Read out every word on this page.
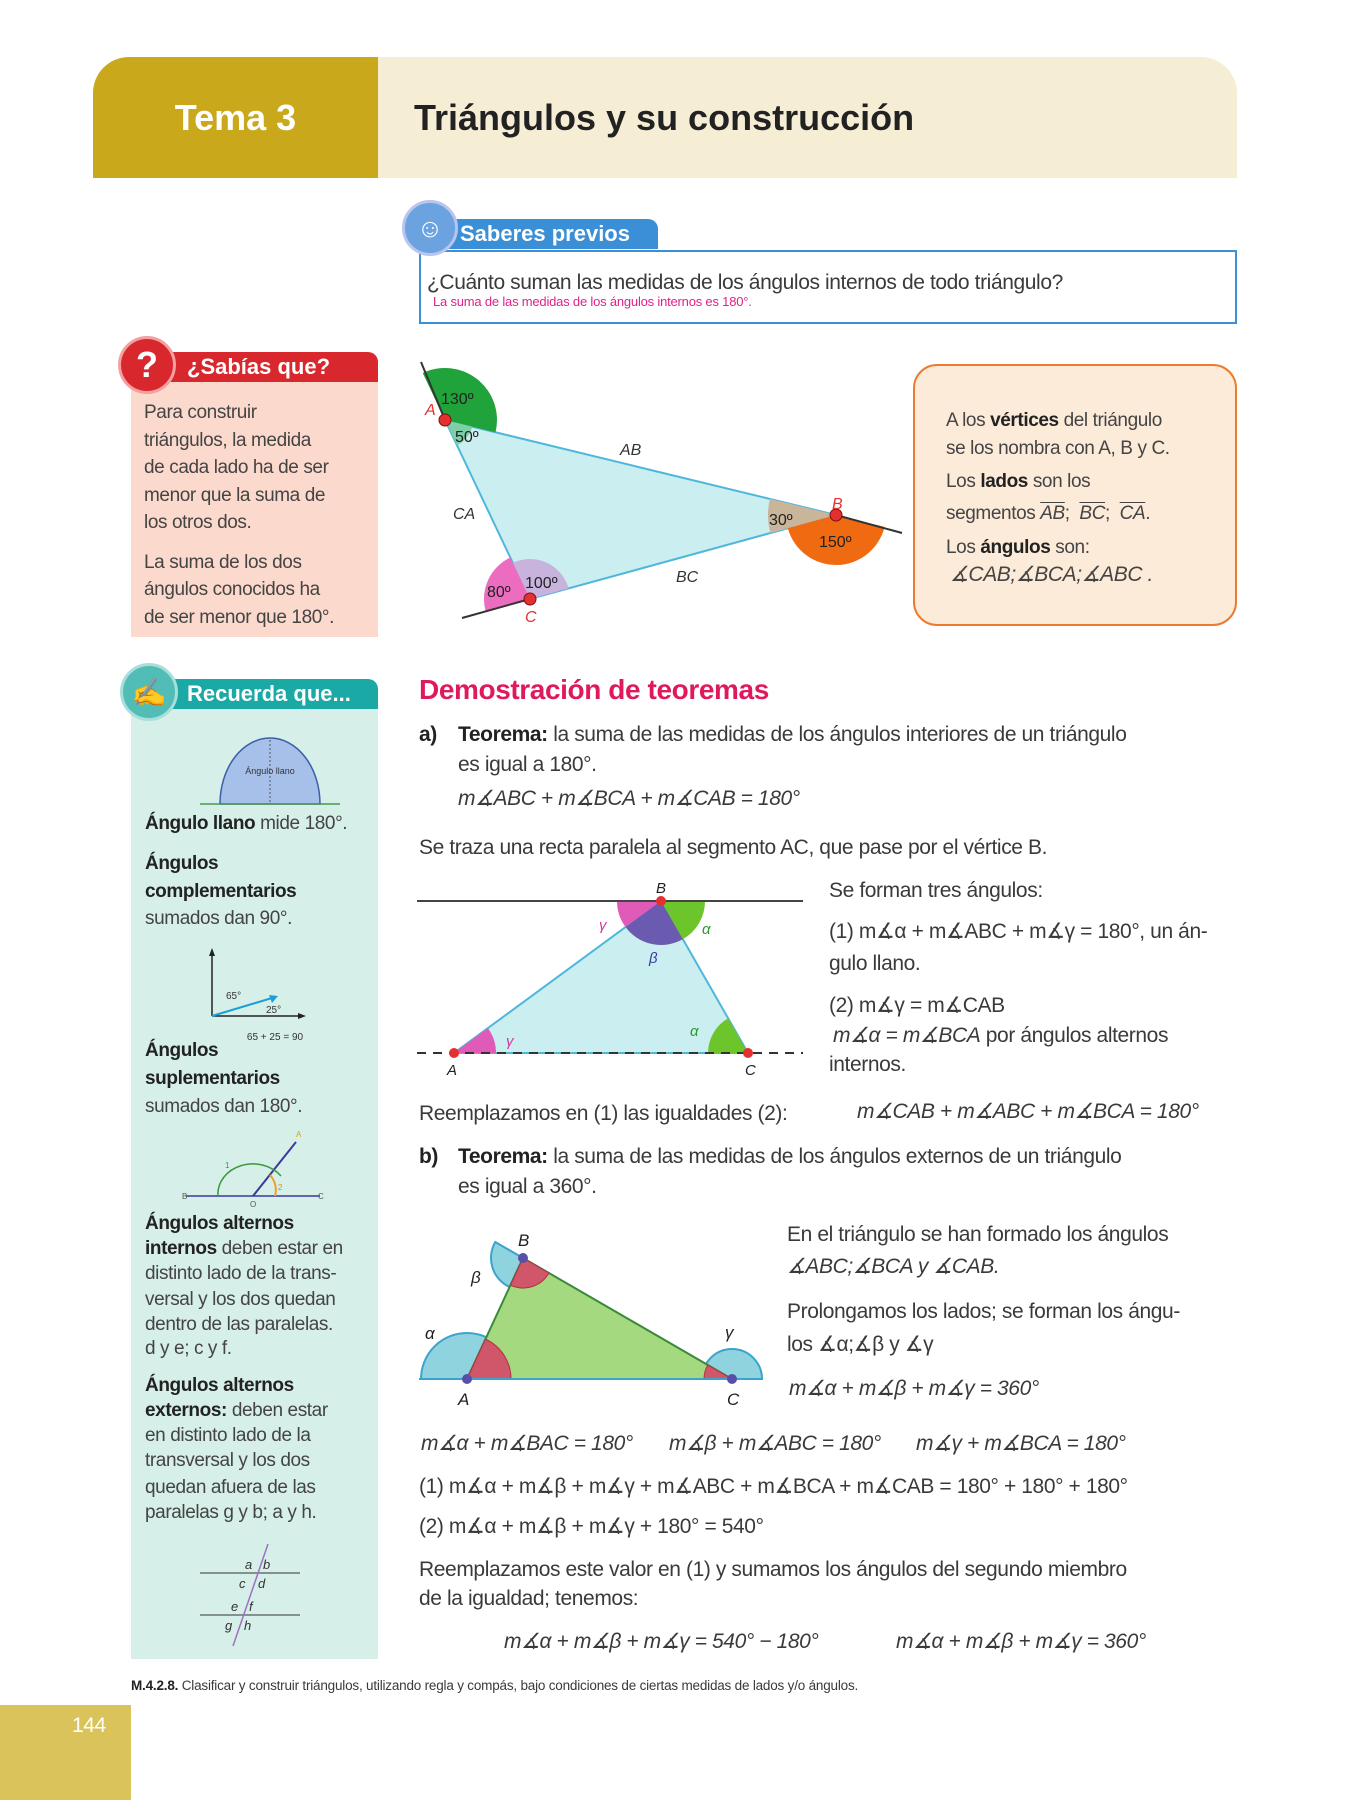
Tema 3	Triángulos y su construcción
Saberes previos
☺
¿Cuánto suman las medidas de los ángulos internos de todo triángulo?
La suma de las medidas de los ángulos internos es 180°.
¿Sabías que?
?
Para construir
triángulos, la medida
de cada lado ha de ser
menor que la suma de
los otros dos.
La suma de los dos
ángulos conocidos ha
de ser menor que 180°.
A los vértices del triángulo
se los nombra con A, B y C.
Los lados son los
segmentos $\overline{AB}$;  $\overline{BC}$;  $\overline{CA}$.
Los ángulos son:
∡CAB;∡BCA;∡ABC .
Recuerda que...
✍
Ángulo llano mide 180°.
Ángulos
complementarios
sumados dan 90°.
Ángulos
suplementarios
sumados dan 180°.
Ángulos alternos
internos deben estar en
distinto lado de la trans-
versal y los dos quedan
dentro de las paralelas.
d y e; c y f.
Ángulos alternos
externos: deben estar
en distinto lado de la
transversal y los dos
quedan afuera de las
paralelas g y b; a y h.
Demostración de teoremas
a) Teorema: la suma de las medidas de los ángulos interiores de un triángulo
es igual a 180°.
m∡ABC + m∡BCA + m∡CAB = 180°
Se traza una recta paralela al segmento AC, que pase por el vértice B.
Se forman tres ángulos:
(1) m∡α + m∡ABC + m∡γ = 180°, un án-
gulo llano.
(2) m∡γ = m∡CAB
m∡α = m∡BCA por ángulos alternos
internos.
Reemplazamos en (1) las igualdades (2):	m∡CAB + m∡ABC + m∡BCA = 180°
b) Teorema: la suma de las medidas de los ángulos externos de un triángulo
es igual a 360°.
En el triángulo se han formado los ángulos
∡ABC;∡BCA y ∡CAB.
Prolongamos los lados; se forman los ángu-
los ∡α;∡β y ∡γ
m∡α + m∡β + m∡γ = 360°
m∡α + m∡BAC = 180° m∡β + m∡ABC = 180° m∡γ + m∡BCA = 180°
(1) m∡α + m∡β + m∡γ + m∡ABC + m∡BCA + m∡CAB = 180° + 180° + 180°
(2) m∡α + m∡β + m∡γ + 180° = 540°
Reemplazamos este valor en (1) y sumamos los ángulos del segundo miembro
de la igualdad; tenemos:
m∡α + m∡β + m∡γ = 540° − 180°	m∡α + m∡β + m∡γ = 360°
M.4.2.8. Clasificar y construir triángulos, utilizando regla y compás, bajo condiciones de ciertas medidas de lados y/o ángulos.
144
A
B
C
AB
BC
CA
130º
50º
30º
150º
80º
100º
B
A	C
γ	α
β
γ
α
B
A	C
β
α	γ
Ángulo llano
65°
25°
65 + 25 = 90
A
B	C
O
1
2
a b
c d
e f
g h
